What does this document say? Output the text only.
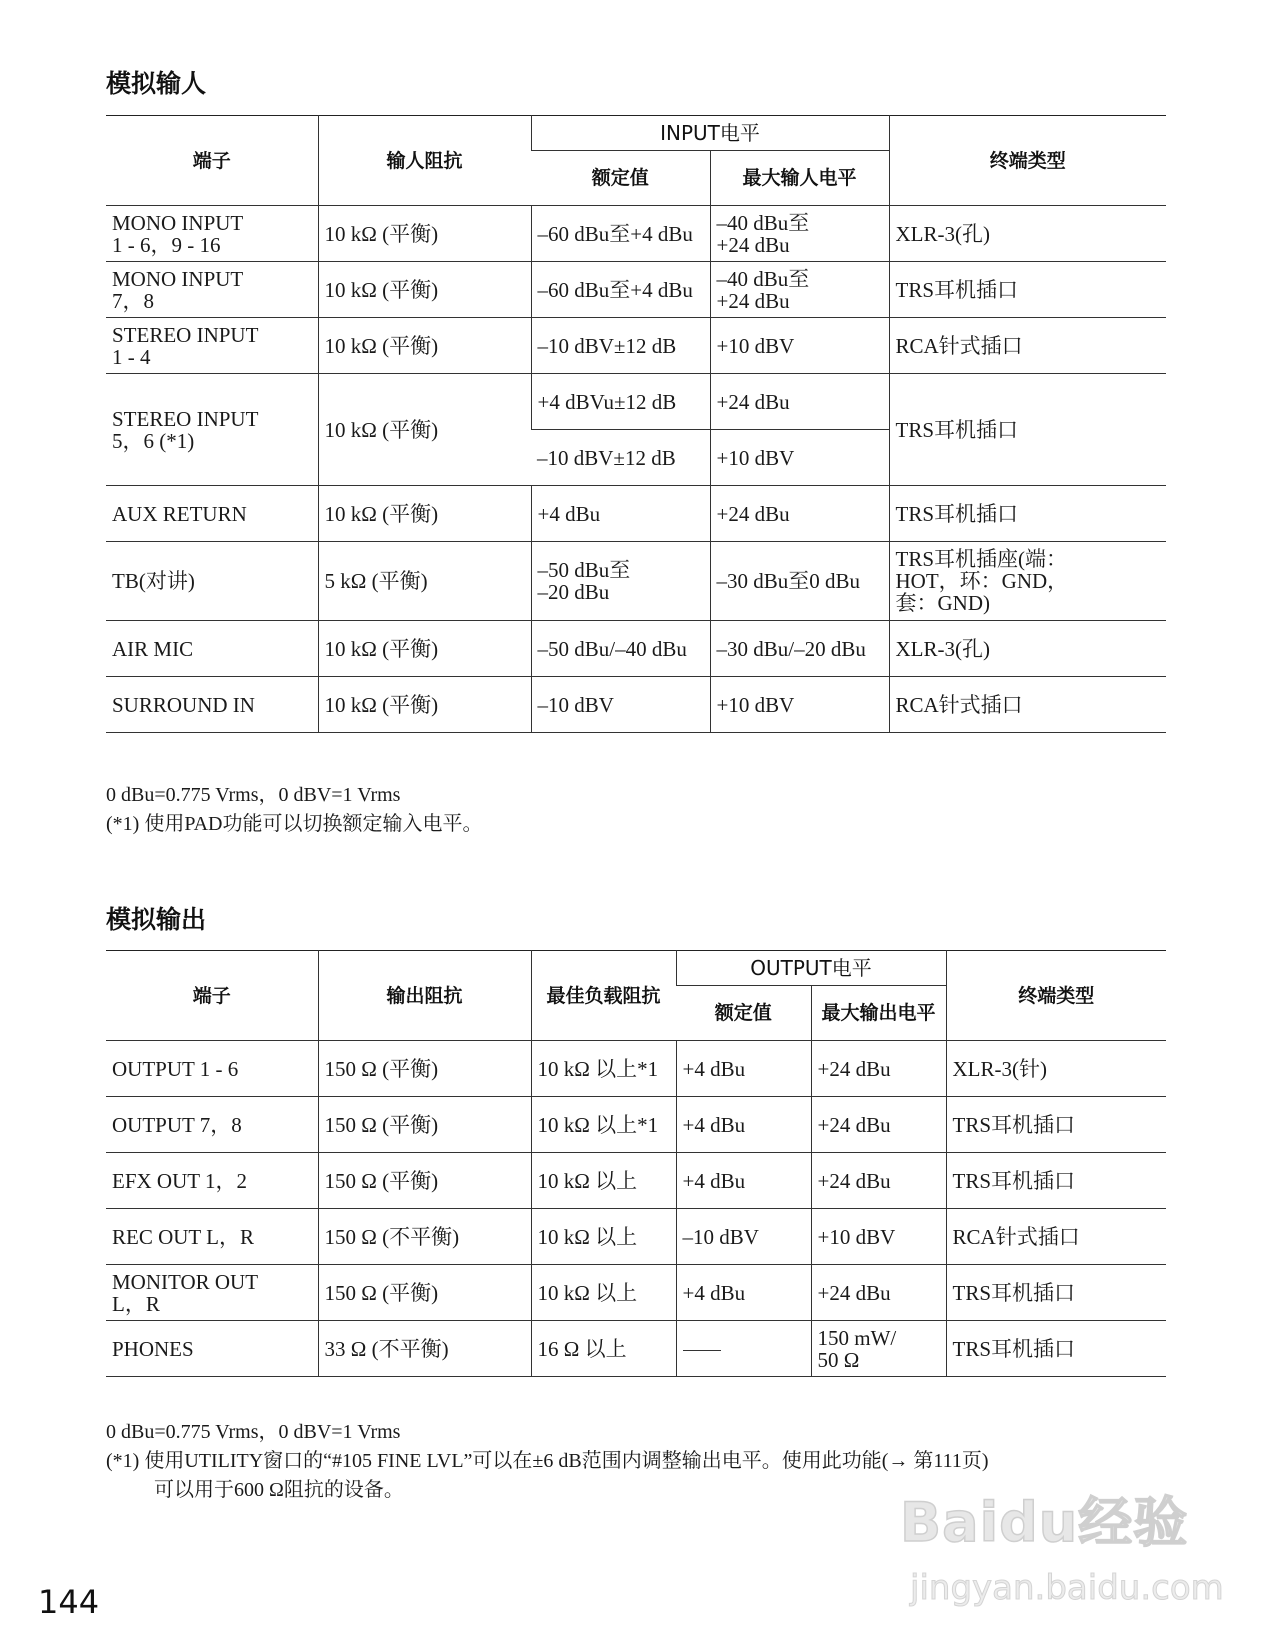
模拟输人
端子	输人阻抗	INPUT电平		终端类型
		额定值	最大输人电平	
MONO INPUT
1 - 6，9 - 16	10 kΩ (平衡)	–60 dBu至+4 dBu	–40 dBu至
+24 dBu	XLR-3(孔)
MONO INPUT
7，8	10 kΩ (平衡)	–60 dBu至+4 dBu	–40 dBu至
+24 dBu	TRS耳机插口
STEREO INPUT
1 - 4	10 kΩ (平衡)	–10 dBV±12 dB	+10 dBV	RCA针式插口
STEREO INPUT
5，6 (*1)	10 kΩ (平衡)	+4 dBVu±12 dB	+24 dBu	TRS耳机插口
		–10 dBV±12 dB	+10 dBV	
AUX RETURN	10 kΩ (平衡)	+4 dBu	+24 dBu	TRS耳机插口
TB(对讲)	5 kΩ (平衡)	–50 dBu至
–20 dBu	–30 dBu至0 dBu	TRS耳机插座(端：
HOT，环：GND，
套：GND)
AIR MIC	10 kΩ (平衡)	–50 dBu/–40 dBu	–30 dBu/–20 dBu	XLR-3(孔)
SURROUND IN	10 kΩ (平衡)	–10 dBV	+10 dBV	RCA针式插口
0 dBu=0.775 Vrms，0 dBV=1 Vrms
(*1) 使用PAD功能可以切换额定输入电平。
模拟输出
端子	输出阻抗	最佳负载阻抗	OUTPUT电平		终端类型
			额定值	最大输出电平	
OUTPUT 1 - 6	150 Ω (平衡)	10 kΩ 以上*1	+4 dBu	+24 dBu	XLR-3(针)
OUTPUT 7，8	150 Ω (平衡)	10 kΩ 以上*1	+4 dBu	+24 dBu	TRS耳机插口
EFX OUT 1，2	150 Ω (平衡)	10 kΩ 以上	+4 dBu	+24 dBu	TRS耳机插口
REC OUT L，R	150 Ω (不平衡)	10 kΩ 以上	–10 dBV	+10 dBV	RCA针式插口
MONITOR OUT
L，R	150 Ω (平衡)	10 kΩ 以上	+4 dBu	+24 dBu	TRS耳机插口
PHONES	33 Ω (不平衡)	16 Ω 以上		150 mW/
50 Ω	TRS耳机插口
0 dBu=0.775 Vrms，0 dBV=1 Vrms
(*1) 使用UTILITY窗口的“#105 FINE LVL”可以在±6 dB范围内调整输出电平。使用此功能(→ 第111页)
可以用于600 Ω阻抗的设备。
144
Baidu经验
jingyan.baidu.com
